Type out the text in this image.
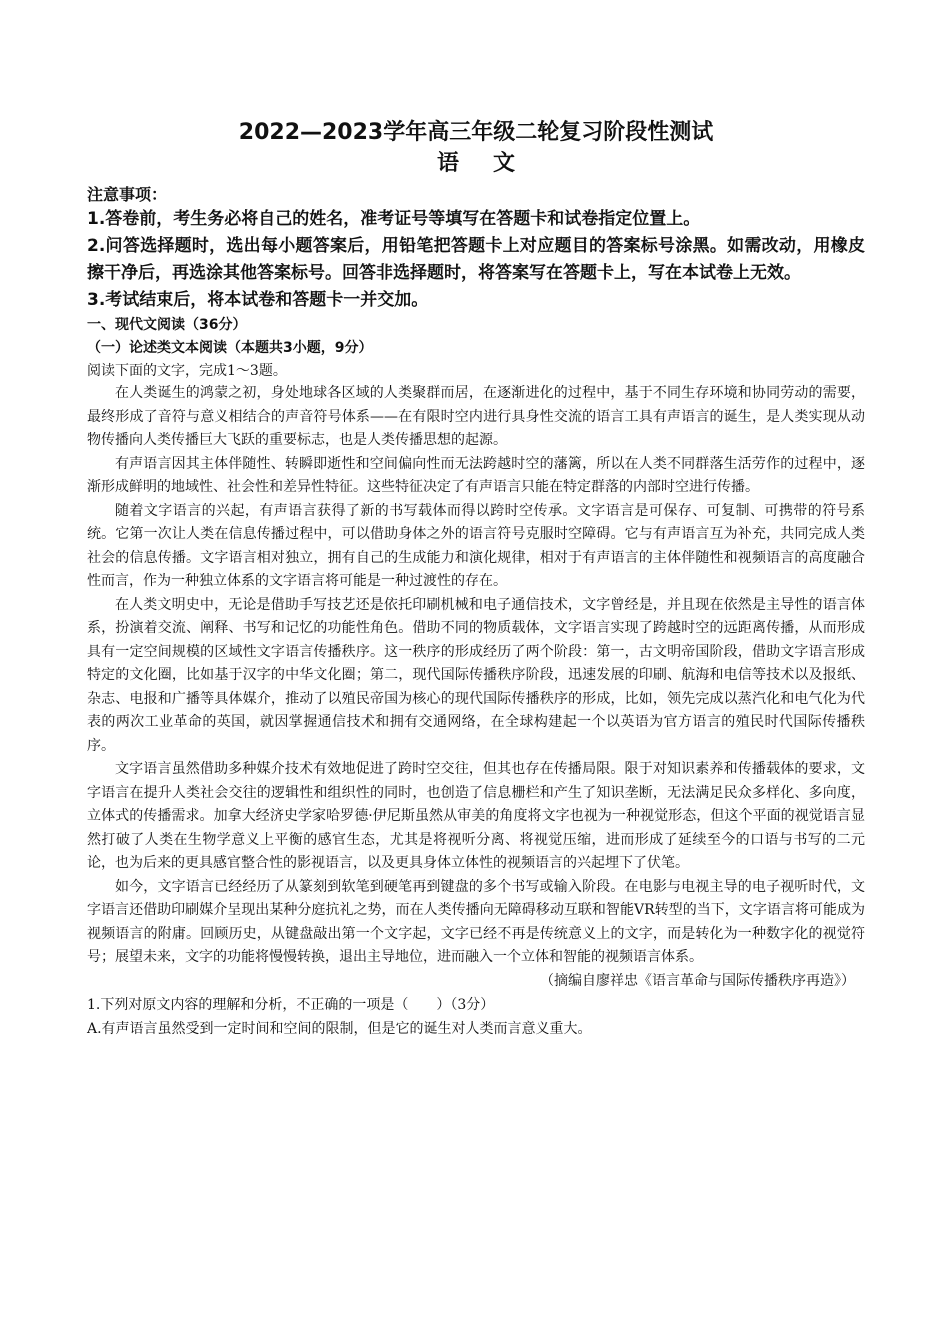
2022—2023学年高三年级二轮复习阶段性测试
语文

注意事项：

1.答卷前，考生务必将自己的姓名，准考证号等填写在答题卡和试卷指定位置上。

2.问答选择题时，选出每小题答案后，用铅笔把答题卡上对应题目的答案标号涂黑。如需改动，用橡皮擦干净后，再选涂其他答案标号。回答非选择题时，将答案写在答题卡上，写在本试卷上无效。

3.考试结束后，将本试卷和答题卡一并交加。

一、现代文阅读（36分）

（一）论述类文本阅读（本题共3小题，9分）

阅读下面的文字，完成1～3题。

在人类诞生的鸿蒙之初，身处地球各区域的人类聚群而居，在逐渐进化的过程中，基于不同生存环境和协同劳动的需要，最终形成了音符与意义相结合的声音符号体系——在有限时空内进行具身性交流的语言工具有声语言的诞生，是人类实现从动物传播向人类传播巨大飞跃的重要标志，也是人类传播思想的起源。

有声语言因其主体伴随性、转瞬即逝性和空间偏向性而无法跨越时空的藩篱，所以在人类不同群落生活劳作的过程中，逐渐形成鲜明的地域性、社会性和差异性特征。这些特征决定了有声语言只能在特定群落的内部时空进行传播。

随着文字语言的兴起，有声语言获得了新的书写载体而得以跨时空传承。文字语言是可保存、可复制、可携带的符号系统。它第一次让人类在信息传播过程中，可以借助身体之外的语言符号克服时空障碍。它与有声语言互为补充，共同完成人类社会的信息传播。文字语言相对独立，拥有自己的生成能力和演化规律，相对于有声语言的主体伴随性和视频语言的高度融合性而言，作为一种独立体系的文字语言将可能是一种过渡性的存在。

在人类文明史中，无论是借助手写技艺还是依托印刷机械和电子通信技术，文字曾经是，并且现在依然是主导性的语言体系，扮演着交流、阐释、书写和记忆的功能性角色。借助不同的物质载体，文字语言实现了跨越时空的远距离传播，从而形成具有一定空间规模的区域性文字语言传播秩序。这一秩序的形成经历了两个阶段：第一，古文明帝国阶段，借助文字语言形成特定的文化圈，比如基于汉字的中华文化圈；第二，现代国际传播秩序阶段，迅速发展的印刷、航海和电信等技术以及报纸、杂志、电报和广播等具体媒介，推动了以殖民帝国为核心的现代国际传播秩序的形成，比如，领先完成以蒸汽化和电气化为代表的两次工业革命的英国，就因掌握通信技术和拥有交通网络，在全球构建起一个以英语为官方语言的殖民时代国际传播秩序。

文字语言虽然借助多种媒介技术有效地促进了跨时空交往，但其也存在传播局限。限于对知识素养和传播载体的要求，文字语言在提升人类社会交往的逻辑性和组织性的同时，也创造了信息栅栏和产生了知识垄断，无法满足民众多样化、多向度，立体式的传播需求。加拿大经济史学家哈罗德·伊尼斯虽然从审美的角度将文字也视为一种视觉形态，但这个平面的视觉语言显然打破了人类在生物学意义上平衡的感官生态，尤其是将视听分离、将视觉压缩，进而形成了延续至今的口语与书写的二元论，也为后来的更具感官整合性的影视语言，以及更具身体立体性的视频语言的兴起埋下了伏笔。

如今，文字语言已经经历了从篆刻到软笔到硬笔再到键盘的多个书写或输入阶段。在电影与电视主导的电子视听时代，文字语言还借助印刷媒介呈现出某种分庭抗礼之势，而在人类传播向无障碍移动互联和智能VR转型的当下，文字语言将可能成为视频语言的附庸。回顾历史，从键盘敲出第一个文字起，文字已经不再是传统意义上的文字，而是转化为一种数字化的视觉符号；展望未来，文字的功能将慢慢转换，退出主导地位，进而融入一个立体和智能的视频语言体系。

（摘编自廖祥忠《语言革命与国际传播秩序再造》）

1.下列对原文内容的理解和分析，不正确的一项是（　　）（3分）

A.有声语言虽然受到一定时间和空间的限制，但是它的诞生对人类而言意义重大。
